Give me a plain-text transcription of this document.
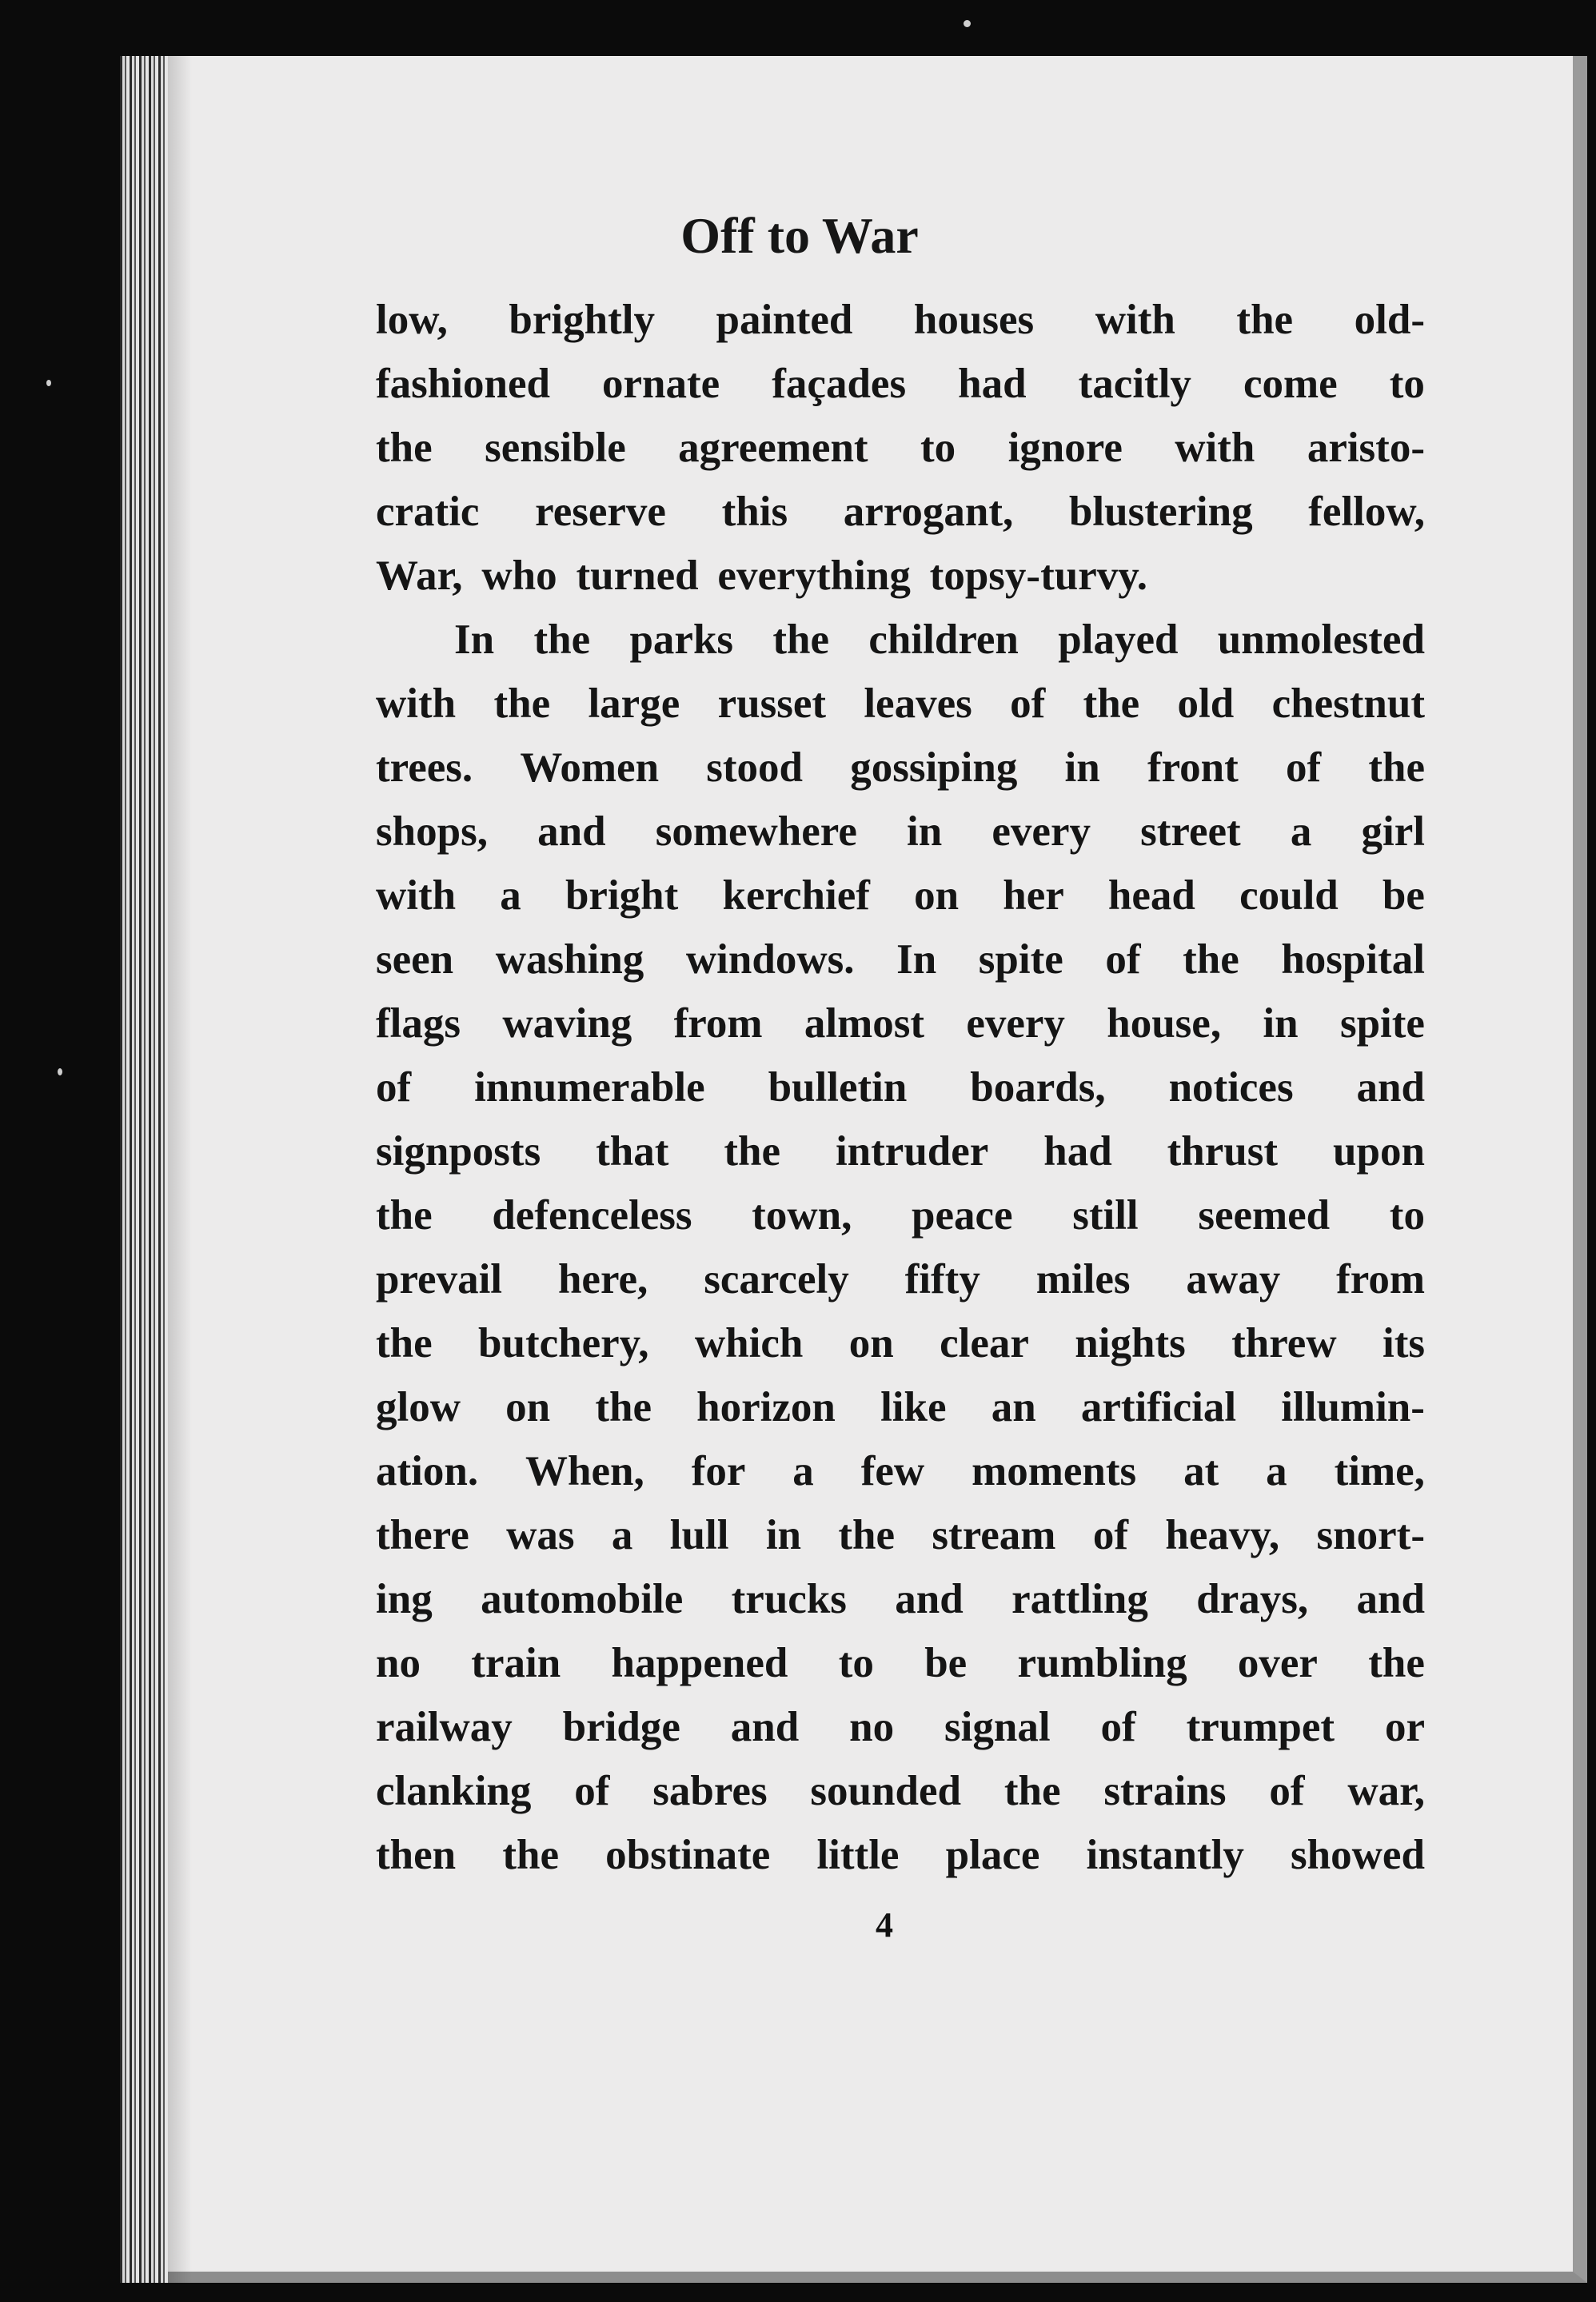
Off to War
low, brightly painted houses with the old-
fashioned ornate façades had tacitly come to
the sensible agreement to ignore with aristo-
cratic reserve this arrogant, blustering fellow,
War, who turned everything topsy-turvy.
In the parks the children played unmolested
with the large russet leaves of the old chestnut
trees. Women stood gossiping in front of the
shops, and somewhere in every street a girl
with a bright kerchief on her head could be
seen washing windows. In spite of the hospital
flags waving from almost every house, in spite
of innumerable bulletin boards, notices and
signposts that the intruder had thrust upon
the defenceless town, peace still seemed to
prevail here, scarcely fifty miles away from
the butchery, which on clear nights threw its
glow on the horizon like an artificial illumin-
ation. When, for a few moments at a time,
there was a lull in the stream of heavy, snort-
ing automobile trucks and rattling drays, and
no train happened to be rumbling over the
railway bridge and no signal of trumpet or
clanking of sabres sounded the strains of war,
then the obstinate little place instantly showed
4
